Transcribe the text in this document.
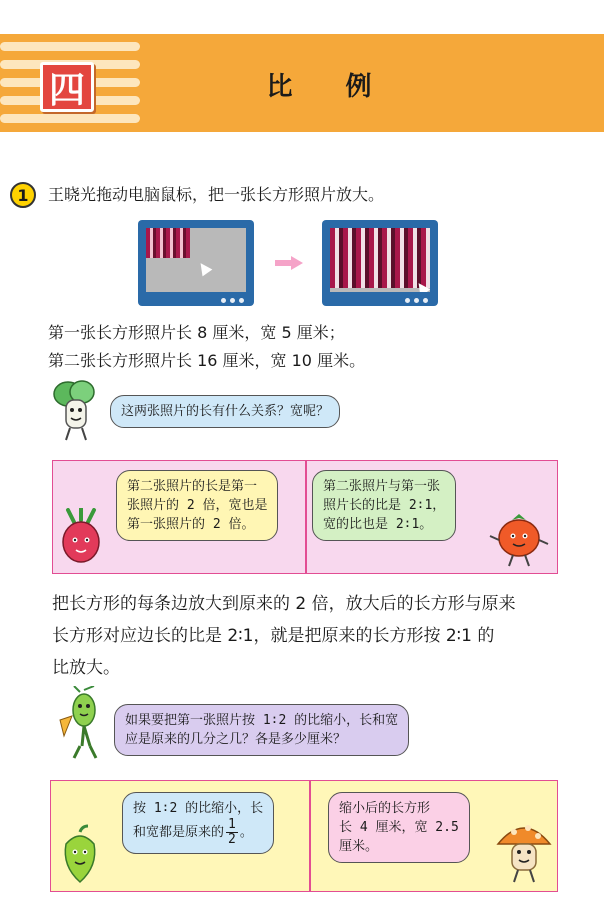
四	比 例
1	王晓光拖动电脑鼠标，把一张长方形照片放大。
第一张长方形照片长 8 厘米，宽 5 厘米；
第二张长方形照片长 16 厘米，宽 10 厘米。
这两张照片的长有什么关系？宽呢？
第二张照片的长是第一
张照片的 2 倍，宽也是
第一张照片的 2 倍。
第二张照片与第一张
照片长的比是 2∶1，
宽的比也是 2∶1。
把长方形的每条边放大到原来的 2 倍，放大后的长方形与原来
长方形对应边长的比是 2∶1，就是把原来的长方形按 2∶1 的
比放大。
如果要把第一张照片按 1∶2 的比缩小，长和宽
应是原来的几分之几？各是多少厘米？
按 1∶2 的比缩小，长
和宽都是原来的 $\frac{1}{2}$ 。
缩小后的长方形
长 4 厘米，宽 2.5
厘米。
